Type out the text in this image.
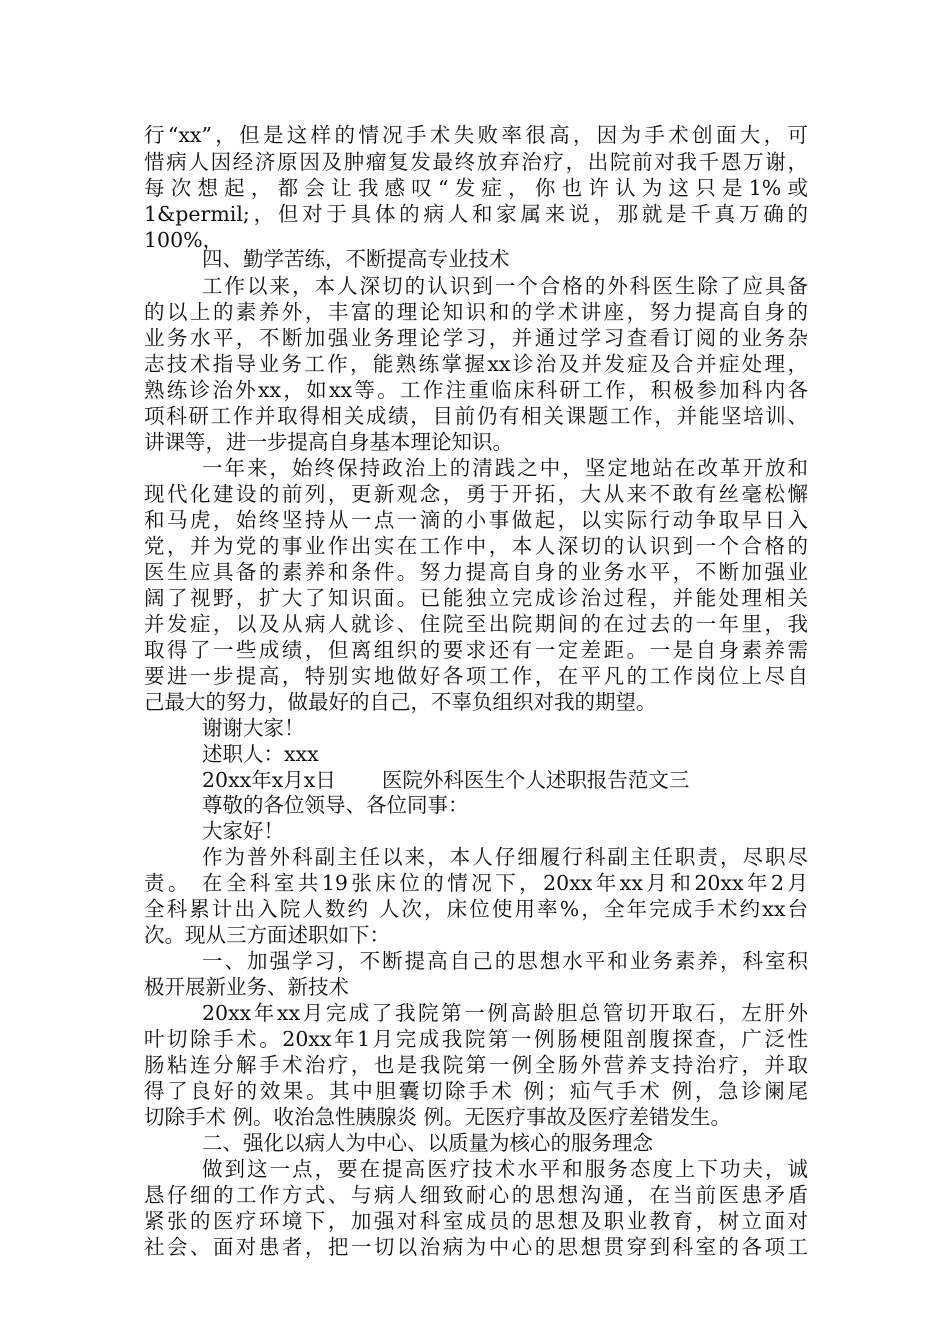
行“xx”，但是这样的情况手术失败率很高，因为手术创面大，可
惜病人因经济原因及肿瘤复发最终放弃治疗，出院前对我千恩万谢，
每次想起，都会让我感叹“发症，你也许认为这只是1%或
1&permil;，但对于具体的病人和家属来说，那就是千真万确的
100%，
四、勤学苦练，不断提高专业技术
工作以来，本人深切的认识到一个合格的外科医生除了应具备
的以上的素养外，丰富的理论知识和的学术讲座，努力提高自身的
业务水平，不断加强业务理论学习，并通过学习查看订阅的业务杂
志技术指导业务工作，能熟练掌握xx诊治及并发症及合并症处理，
熟练诊治外xx，如xx等。工作注重临床科研工作，积极参加科内各
项科研工作并取得相关成绩，目前仍有相关课题工作，并能坚培训、
讲课等，进一步提高自身基本理论知识。
一年来，始终保持政治上的清践之中，坚定地站在改革开放和
现代化建设的前列，更新观念，勇于开拓，大从来不敢有丝毫松懈
和马虎，始终坚持从一点一滴的小事做起，以实际行动争取早日入
党，并为党的事业作出实在工作中，本人深切的认识到一个合格的
医生应具备的素养和条件。努力提高自身的业务水平，不断加强业
阔了视野，扩大了知识面。已能独立完成诊治过程，并能处理相关
并发症，以及从病人就诊、住院至出院期间的在过去的一年里，我
取得了一些成绩，但离组织的要求还有一定差距。一是自身素养需
要进一步提高，特别实地做好各项工作，在平凡的工作岗位上尽自
己最大的努力，做最好的自己，不辜负组织对我的期望。
谢谢大家！
述职人：xxx
20xx年x月x日 医院外科医生个人述职报告范文三
尊敬的各位领导、各位同事：
大家好！
作为普外科副主任以来，本人仔细履行科副主任职责，尽职尽
责。 在全科室共19张床位的情况下，20xx年xx月和20xx年2月
全科累计出入院人数约 人次，床位使用率%，全年完成手术约xx台
次。现从三方面述职如下：
一、加强学习，不断提高自己的思想水平和业务素养，科室积
极开展新业务、新技术
20xx年xx月完成了我院第一例高龄胆总管切开取石，左肝外
叶切除手术。20xx年1月完成我院第一例肠梗阻剖腹探查，广泛性
肠粘连分解手术治疗，也是我院第一例全肠外营养支持治疗，并取
得了良好的效果。其中胆囊切除手术 例；疝气手术 例，急诊阑尾
切除手术 例。收治急性胰腺炎 例。无医疗事故及医疗差错发生。
二、强化以病人为中心、以质量为核心的服务理念
做到这一点，要在提高医疗技术水平和服务态度上下功夫，诚
恳仔细的工作方式、与病人细致耐心的思想沟通，在当前医患矛盾
紧张的医疗环境下，加强对科室成员的思想及职业教育，树立面对
社会、面对患者，把一切以治病为中心的思想贯穿到科室的各项工
